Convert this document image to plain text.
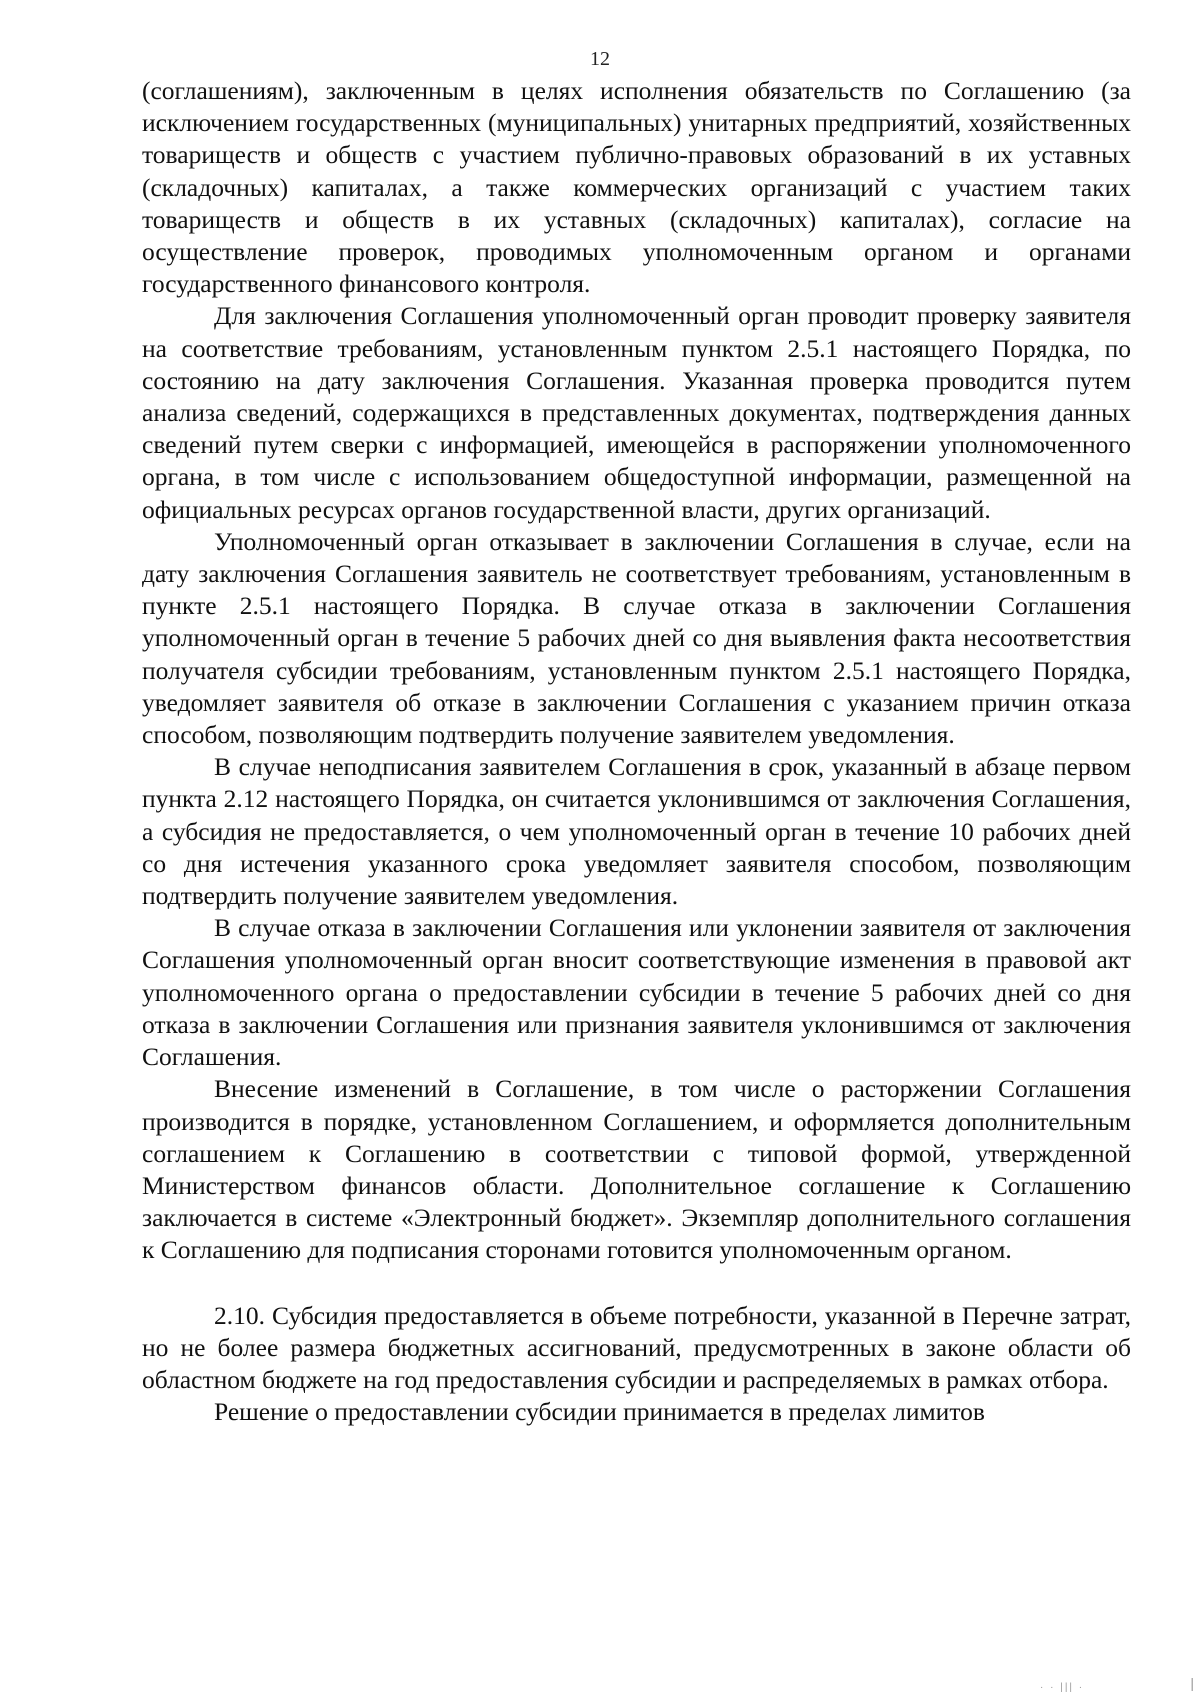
12

(соглашениям), заключенным в целях исполнения обязательств по Соглашению (за исключением государственных (муниципальных) унитарных предприятий, хозяйственных товариществ и обществ с участием публично-правовых образований в их уставных (складочных) капиталах, а также коммерческих организаций с участием таких товариществ и обществ в их уставных (складочных) капиталах), согласие на осуществление проверок, проводимых уполномоченным органом и органами государственного финансового контроля.

Для заключения Соглашения уполномоченный орган проводит проверку заявителя на соответствие требованиям, установленным пунктом 2.5.1 настоящего Порядка, по состоянию на дату заключения Соглашения. Указанная проверка проводится путем анализа сведений, содержащихся в представленных документах, подтверждения данных сведений путем сверки с информацией, имеющейся в распоряжении уполномоченного органа, в том числе с использованием общедоступной информации, размещенной на официальных ресурсах органов государственной власти, других организаций.

Уполномоченный орган отказывает в заключении Соглашения в случае, если на дату заключения Соглашения заявитель не соответствует требованиям, установленным в пункте 2.5.1 настоящего Порядка. В случае отказа в заключении Соглашения уполномоченный орган в течение 5 рабочих дней со дня выявления факта несоответствия получателя субсидии требованиям, установленным пунктом 2.5.1 настоящего Порядка, уведомляет заявителя об отказе в заключении Соглашения с указанием причин отказа способом, позволяющим подтвердить получение заявителем уведомления.

В случае неподписания заявителем Соглашения в срок, указанный в абзаце первом пункта 2.12 настоящего Порядка, он считается уклонившимся от заключения Соглашения, а субсидия не предоставляется, о чем уполномоченный орган в течение 10 рабочих дней со дня истечения указанного срока уведомляет заявителя способом, позволяющим подтвердить получение заявителем уведомления.

В случае отказа в заключении Соглашения или уклонении заявителя от заключения Соглашения уполномоченный орган вносит соответствующие изменения в правовой акт уполномоченного органа о предоставлении субсидии в течение 5 рабочих дней со дня отказа в заключении Соглашения или признания заявителя уклонившимся от заключения Соглашения.

Внесение изменений в Соглашение, в том числе о расторжении Соглашения производится в порядке, установленном Соглашением, и оформляется дополнительным соглашением к Соглашению в соответствии с типовой формой, утвержденной Министерством финансов области. Дополнительное соглашение к Соглашению заключается в системе «Электронный бюджет». Экземпляр дополнительного соглашения к Соглашению для подписания сторонами готовится уполномоченным органом.

2.10. Субсидия предоставляется в объеме потребности, указанной в Перечне затрат, но не более размера бюджетных ассигнований, предусмотренных в законе области об областном бюджете на год предоставления субсидии и распределяемых в рамках отбора.

Решение о предоставлении субсидии принимается в пределах лимитов

|
· · ||| ·
